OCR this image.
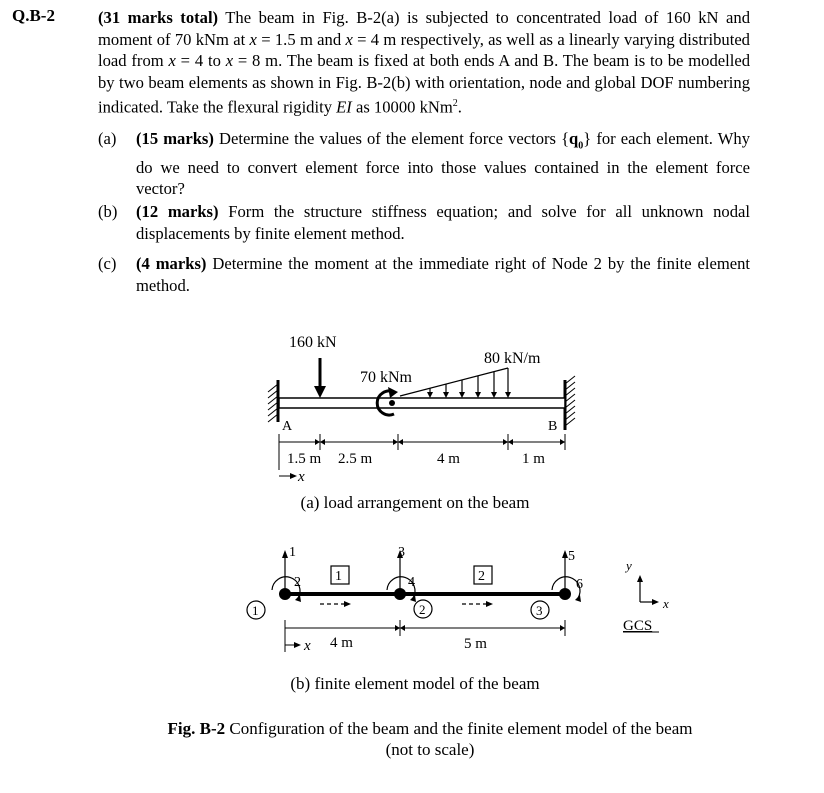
Q.B-2	(31 marks total) The beam in Fig. B-2(a) is subjected to concentrated load of 160 kN and moment of 70 kNm at x = 1.5 m and x = 4 m respectively, as well as a linearly varying distributed load from x = 4 to x = 8 m. The beam is fixed at both ends A and B. The beam is to be modelled by two beam elements as shown in Fig. B-2(b) with orientation, node and global DOF numbering indicated. Take the flexural rigidity EI as 10000 kNm$^2$.
(a) (15 marks) Determine the values of the element force vectors $\{q_0\}$ for each element. Why do we need to convert element force into those values contained in the element force vector?
(b) (12 marks) Form the structure stiffness equation; and solve for all unknown nodal displacements by finite element method.
(c) (4 marks) Determine the moment at the immediate right of Node 2 by the finite element method.
A	B
160 kN
70 kNm
80 kN/m
1.5 m 2.5 m	4 m	1 m
x
(a) load arrangement on the beam
1
2
3
4
5
6
1	2
1	2	3
4 m	5 m
x
y
x
GCS
(b) finite element model of the beam
Fig. B-2 Configuration of the beam and the finite element model of the beam
(not to scale)
